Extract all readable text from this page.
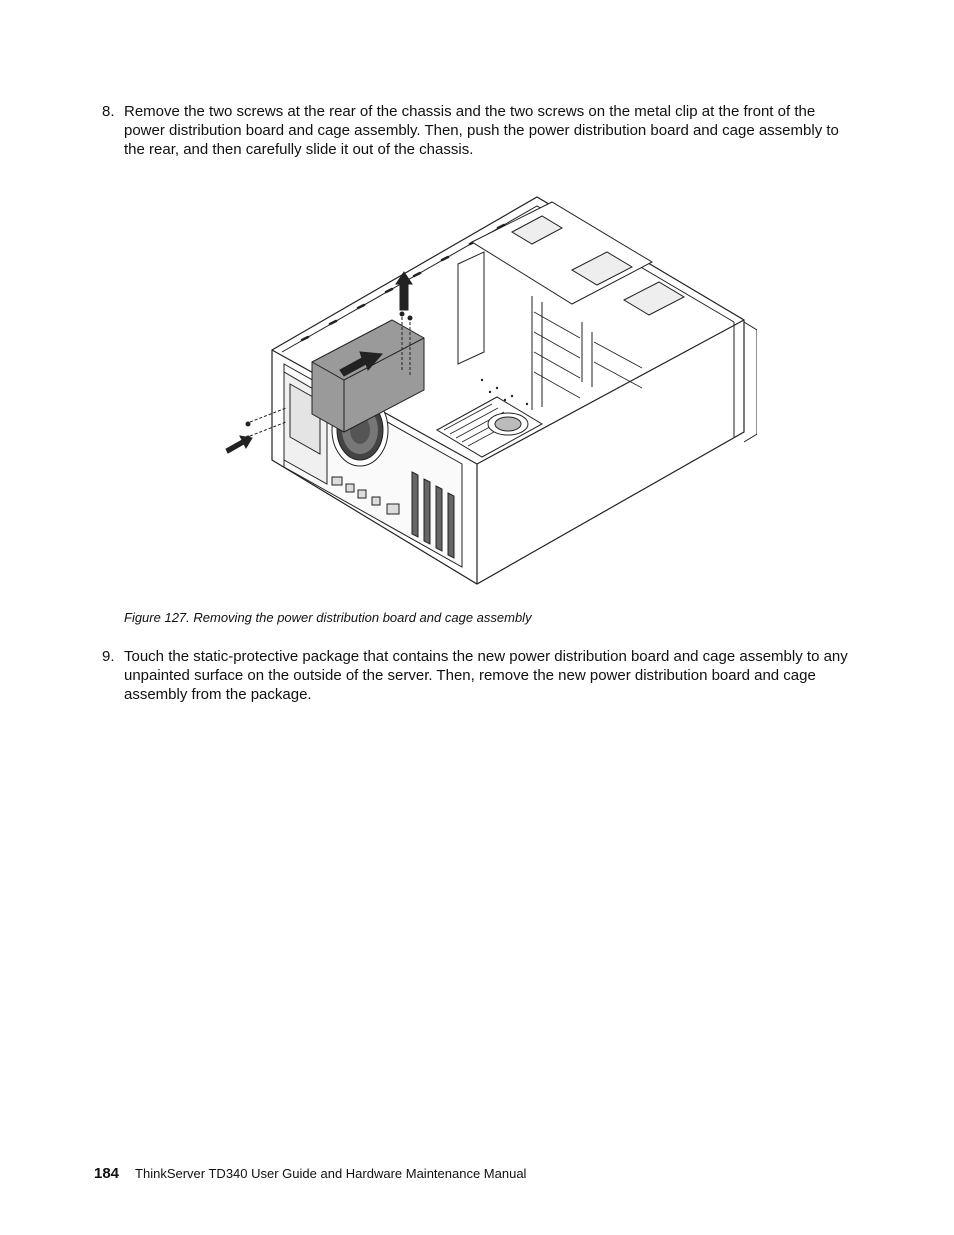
8. Remove the two screws at the rear of the chassis and the two screws on the metal clip at the front of the power distribution board and cage assembly. Then, push the power distribution board and cage assembly to the rear, and then carefully slide it out of the chassis.
Figure 127. Removing the power distribution board and cage assembly
9. Touch the static-protective package that contains the new power distribution board and cage assembly to any unpainted surface on the outside of the server. Then, remove the new power distribution board and cage assembly from the package.
184 ThinkServer TD340 User Guide and Hardware Maintenance Manual
